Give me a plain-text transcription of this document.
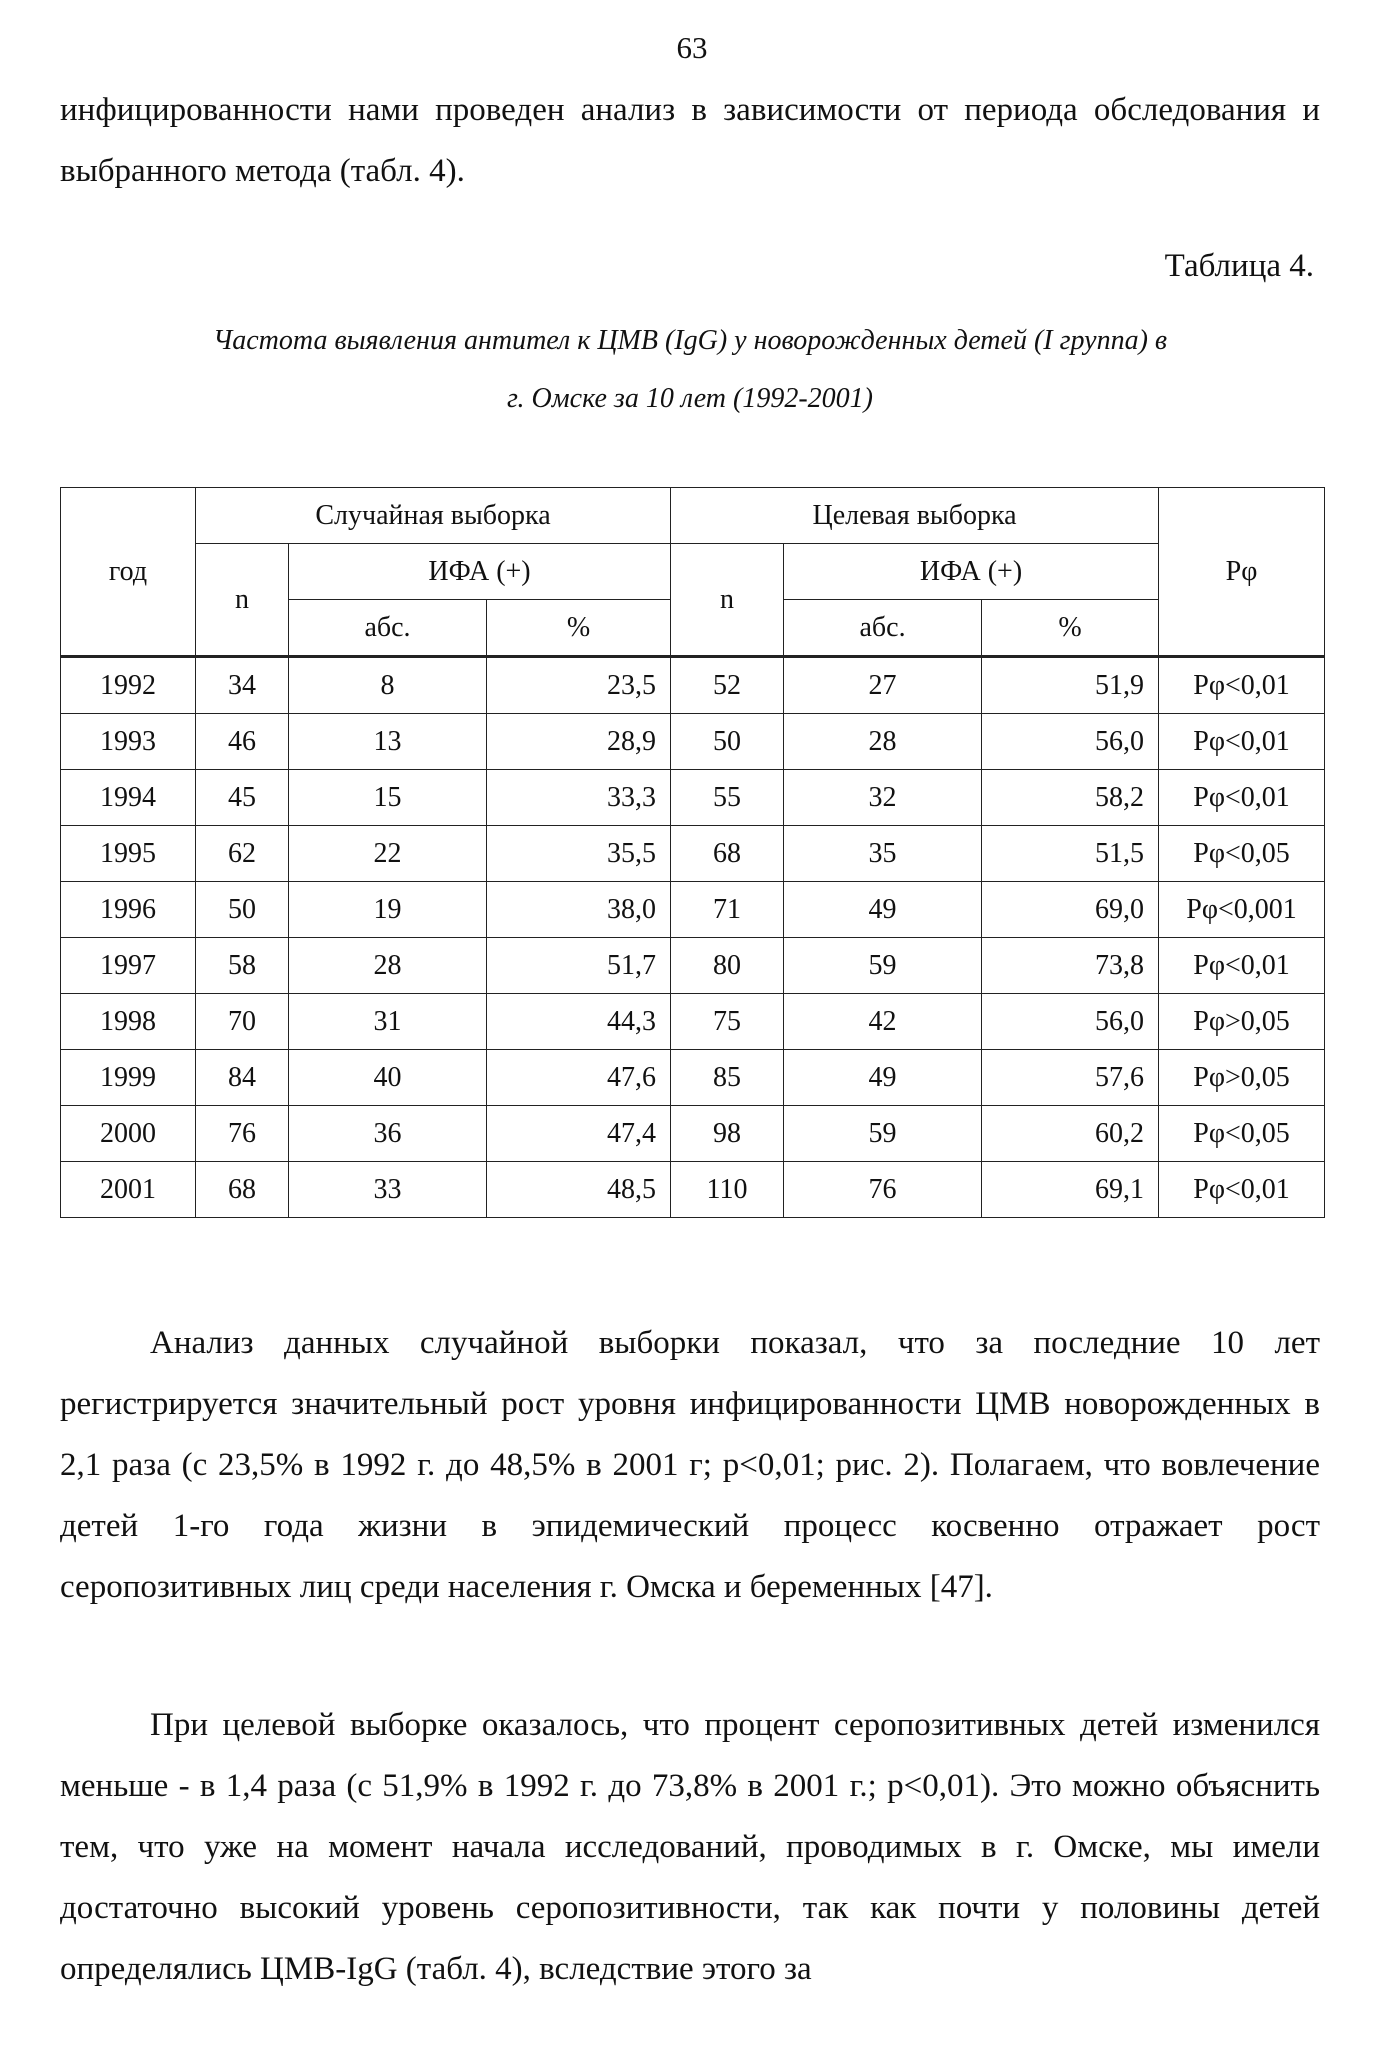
63

инфицированности нами проведен анализ в зависимости от периода обследования и выбранного метода (табл. 4).

Таблица 4.
Частота выявления антител к ЦМВ (IgG) у новорожденных детей (I группа) в
г. Омске за 10 лет (1992-2001)
год	Случайная выборка			Целевая выборка			Рφ
	n	ИФА (+)		n	ИФА (+)		
		абс.	%		абс.	%	
1992	34	8	23,5	52	27	51,9	Рφ<0,01
1993	46	13	28,9	50	28	56,0	Рφ<0,01
1994	45	15	33,3	55	32	58,2	Рφ<0,01
1995	62	22	35,5	68	35	51,5	Рφ<0,05
1996	50	19	38,0	71	49	69,0	Рφ<0,001
1997	58	28	51,7	80	59	73,8	Рφ<0,01
1998	70	31	44,3	75	42	56,0	Рφ>0,05
1999	84	40	47,6	85	49	57,6	Рφ>0,05
2000	76	36	47,4	98	59	60,2	Рφ<0,05
2001	68	33	48,5	110	76	69,1	Рφ<0,01

Анализ данных случайной выборки показал, что за последние 10 лет регистрируется значительный рост уровня инфицированности ЦМВ новорожденных в 2,1 раза (с 23,5% в 1992 г. до 48,5% в 2001 г; р<0,01; рис. 2). Полагаем, что вовлечение детей 1-го года жизни в эпидемический процесс косвенно отражает рост серопозитивных лиц среди населения г. Омска и беременных [47].

При целевой выборке оказалось, что процент серопозитивных детей изменился меньше - в 1,4 раза (с 51,9% в 1992 г. до 73,8% в 2001 г.; р<0,01). Это можно объяснить тем, что уже на момент начала исследований, проводимых в г. Омске, мы имели достаточно высокий уровень серопозитивности, так как почти у половины детей определялись ЦМВ-IgG (табл. 4), вследствие этого за
